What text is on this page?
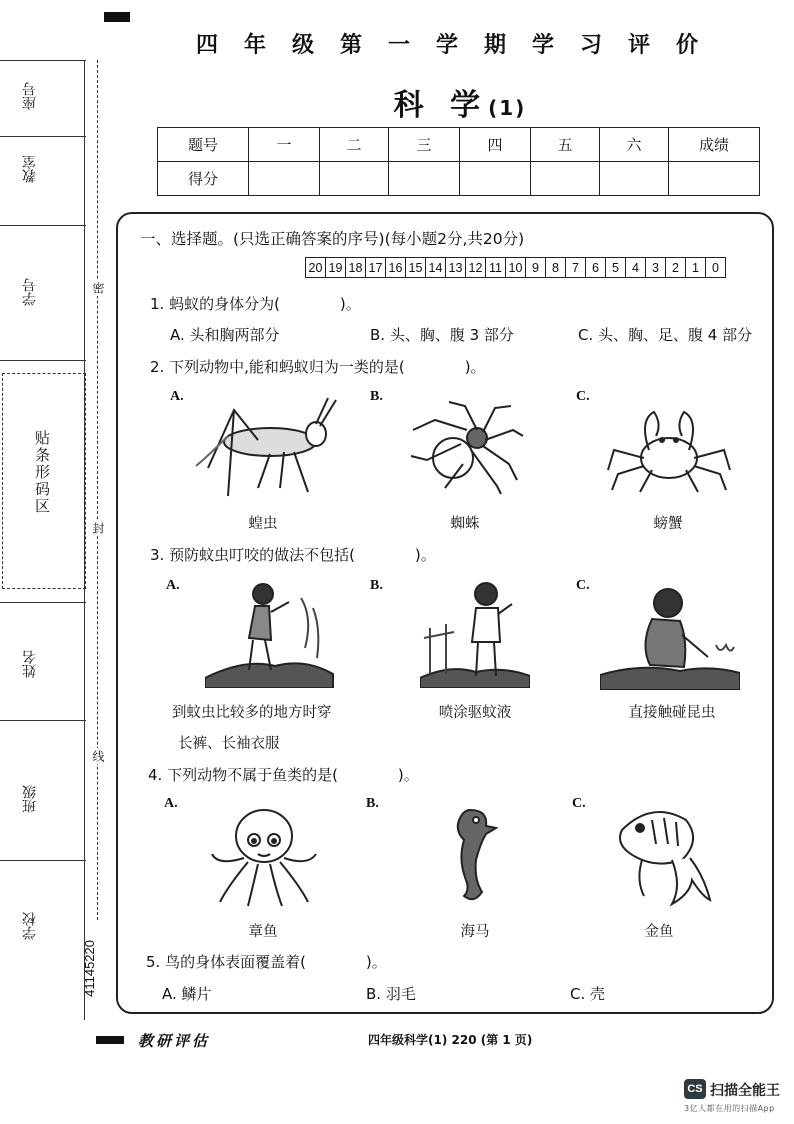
座号
教室
学号
贴条形码区
姓名
班级
学校
密
封
线
41145220
四年级第一学期学习评价
科 学(1)
题号	一	二	三	四	五	六	成绩
得分							
一、选择题。(只选正确答案的序号)(每小题2分,共20分)
20	19	18	17	16	15	14	13	12	11	10	9	8	7	6	5	4	3	2	1	0
1. 蚂蚁的身体分为(　　　　)。
A. 头和胸两部分	B. 头、胸、腹 3 部分	C. 头、胸、足、腹 4 部分
2. 下列动物中,能和蚂蚁归为一类的是(　　　　)。
A.	B.	C.
蝗虫	蜘蛛	螃蟹
3. 预防蚊虫叮咬的做法不包括(　　　　)。
A.	B.	C.
到蚊虫比较多的地方时穿
长裤、长袖衣服
喷涂驱蚊液	直接触碰昆虫
4. 下列动物不属于鱼类的是(　　　　)。
A.	B.	C.
章鱼	海马	金鱼
5. 鸟的身体表面覆盖着(　　　　)。
A. 鳞片	B. 羽毛	C. 壳
教研评估	四年级科学(1) 220 (第 1 页)
CS 扫描全能王
3亿人都在用的扫描App
